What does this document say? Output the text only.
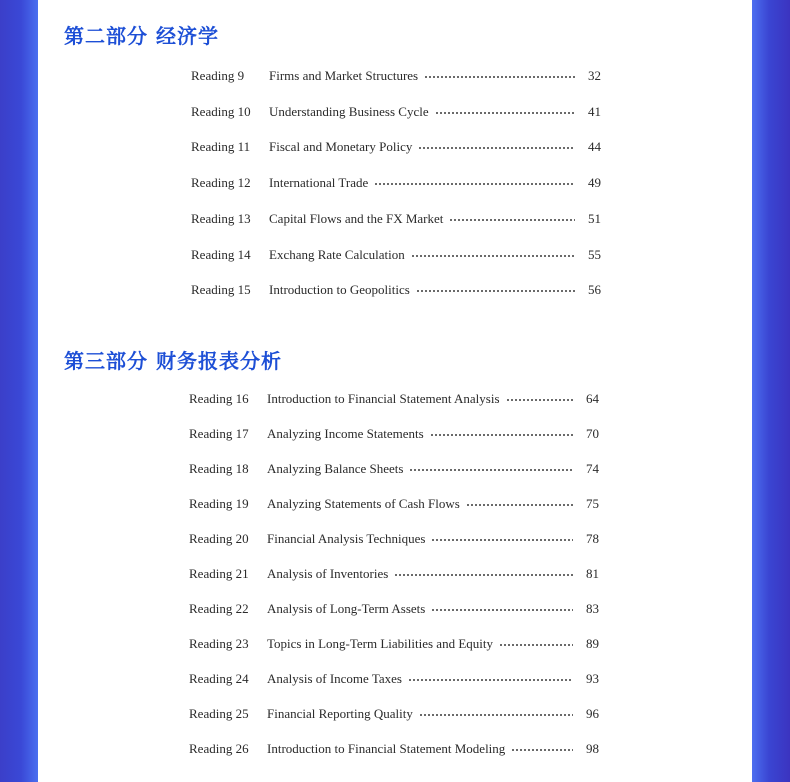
第二部分 经济学
Reading 9	Firms and Market Structures	32
Reading 10	Understanding Business Cycle	41
Reading 11	Fiscal and Monetary Policy	44
Reading 12	International Trade	49
Reading 13	Capital Flows and the FX Market	51
Reading 14	Exchang Rate Calculation	55
Reading 15	Introduction to Geopolitics	56
第三部分 财务报表分析
Reading 16	Introduction to Financial Statement Analysis	64
Reading 17	Analyzing Income Statements	70
Reading 18	Analyzing Balance Sheets	74
Reading 19	Analyzing Statements of Cash Flows	75
Reading 20	Financial Analysis Techniques	78
Reading 21	Analysis of Inventories	81
Reading 22	Analysis of Long-Term Assets	83
Reading 23	Topics in Long-Term Liabilities and Equity	89
Reading 24	Analysis of Income Taxes	93
Reading 25	Financial Reporting Quality	96
Reading 26	Introduction to Financial Statement Modeling	98
